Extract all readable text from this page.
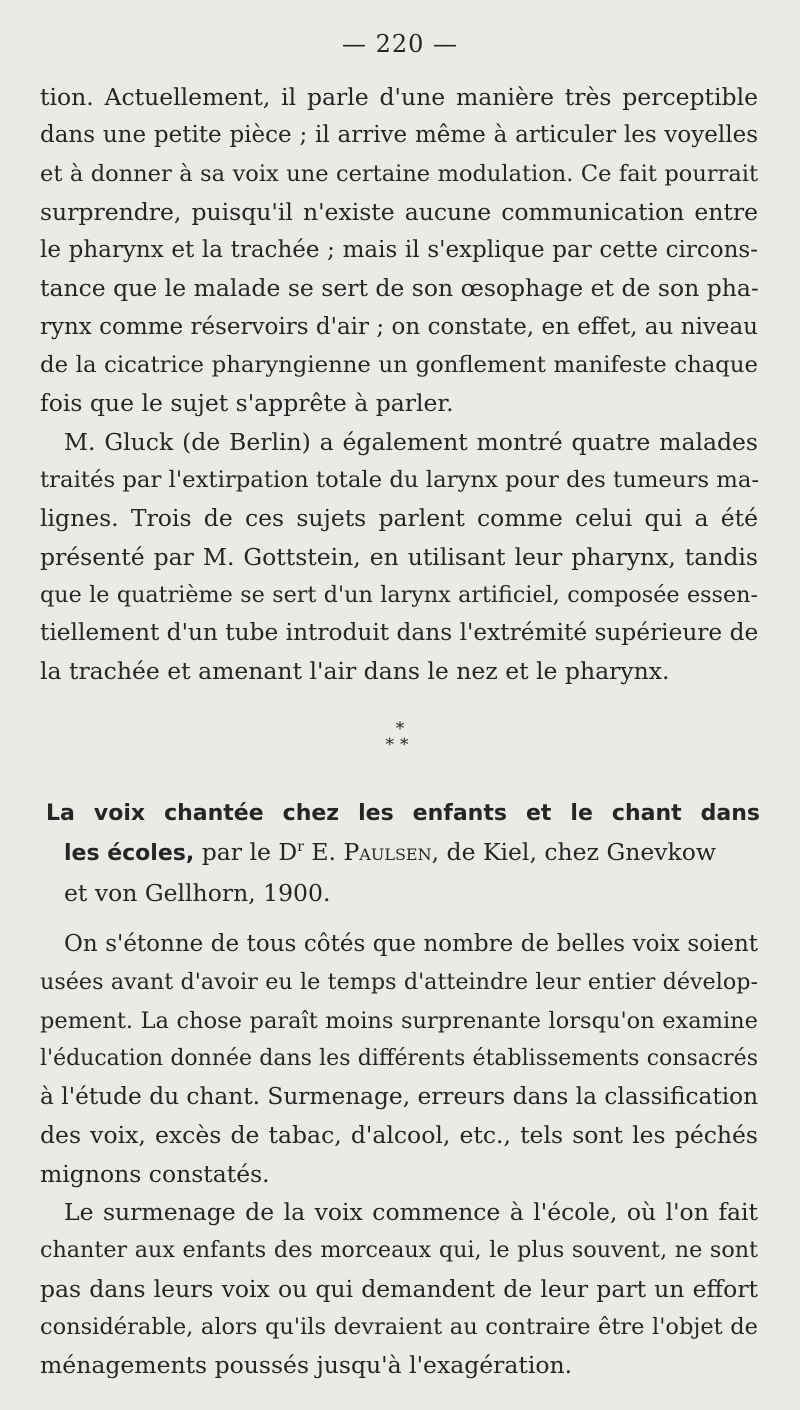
— 220 —
tion. Actuellement, il parle d'une manière très perceptible
dans une petite pièce ; il arrive même à articuler les voyelles
et à donner à sa voix une certaine modulation. Ce fait pourrait
surprendre, puisqu'il n'existe aucune communication entre
le pharynx et la trachée ; mais il s'explique par cette circons-
tance que le malade se sert de son œsophage et de son pha-
rynx comme réservoirs d'air ; on constate, en effet, au niveau
de la cicatrice pharyngienne un gonflement manifeste chaque
fois que le sujet s'apprête à parler.
M. Gluck (de Berlin) a également montré quatre malades
traités par l'extirpation totale du larynx pour des tumeurs ma-
lignes. Trois de ces sujets parlent comme celui qui a été
présenté par M. Gottstein, en utilisant leur pharynx, tandis
que le quatrième se sert d'un larynx artificiel, composée essen-
tiellement d'un tube introduit dans l'extrémité supérieure de
la trachée et amenant l'air dans le nez et le pharynx.
*
**
La voix chantée chez les enfants et le chant dans
les écoles, par le $D^r$ E. Paulsen, de Kiel, chez Gnevkow
et von Gellhorn, 1900.
On s'étonne de tous côtés que nombre de belles voix soient
usées avant d'avoir eu le temps d'atteindre leur entier dévelop-
pement. La chose paraît moins surprenante lorsqu'on examine
l'éducation donnée dans les différents établissements consacrés
à l'étude du chant. Surmenage, erreurs dans la classification
des voix, excès de tabac, d'alcool, etc., tels sont les péchés
mignons constatés.
Le surmenage de la voix commence à l'école, où l'on fait
chanter aux enfants des morceaux qui, le plus souvent, ne sont
pas dans leurs voix ou qui demandent de leur part un effort
considérable, alors qu'ils devraient au contraire être l'objet de
ménagements poussés jusqu'à l'exagération.
